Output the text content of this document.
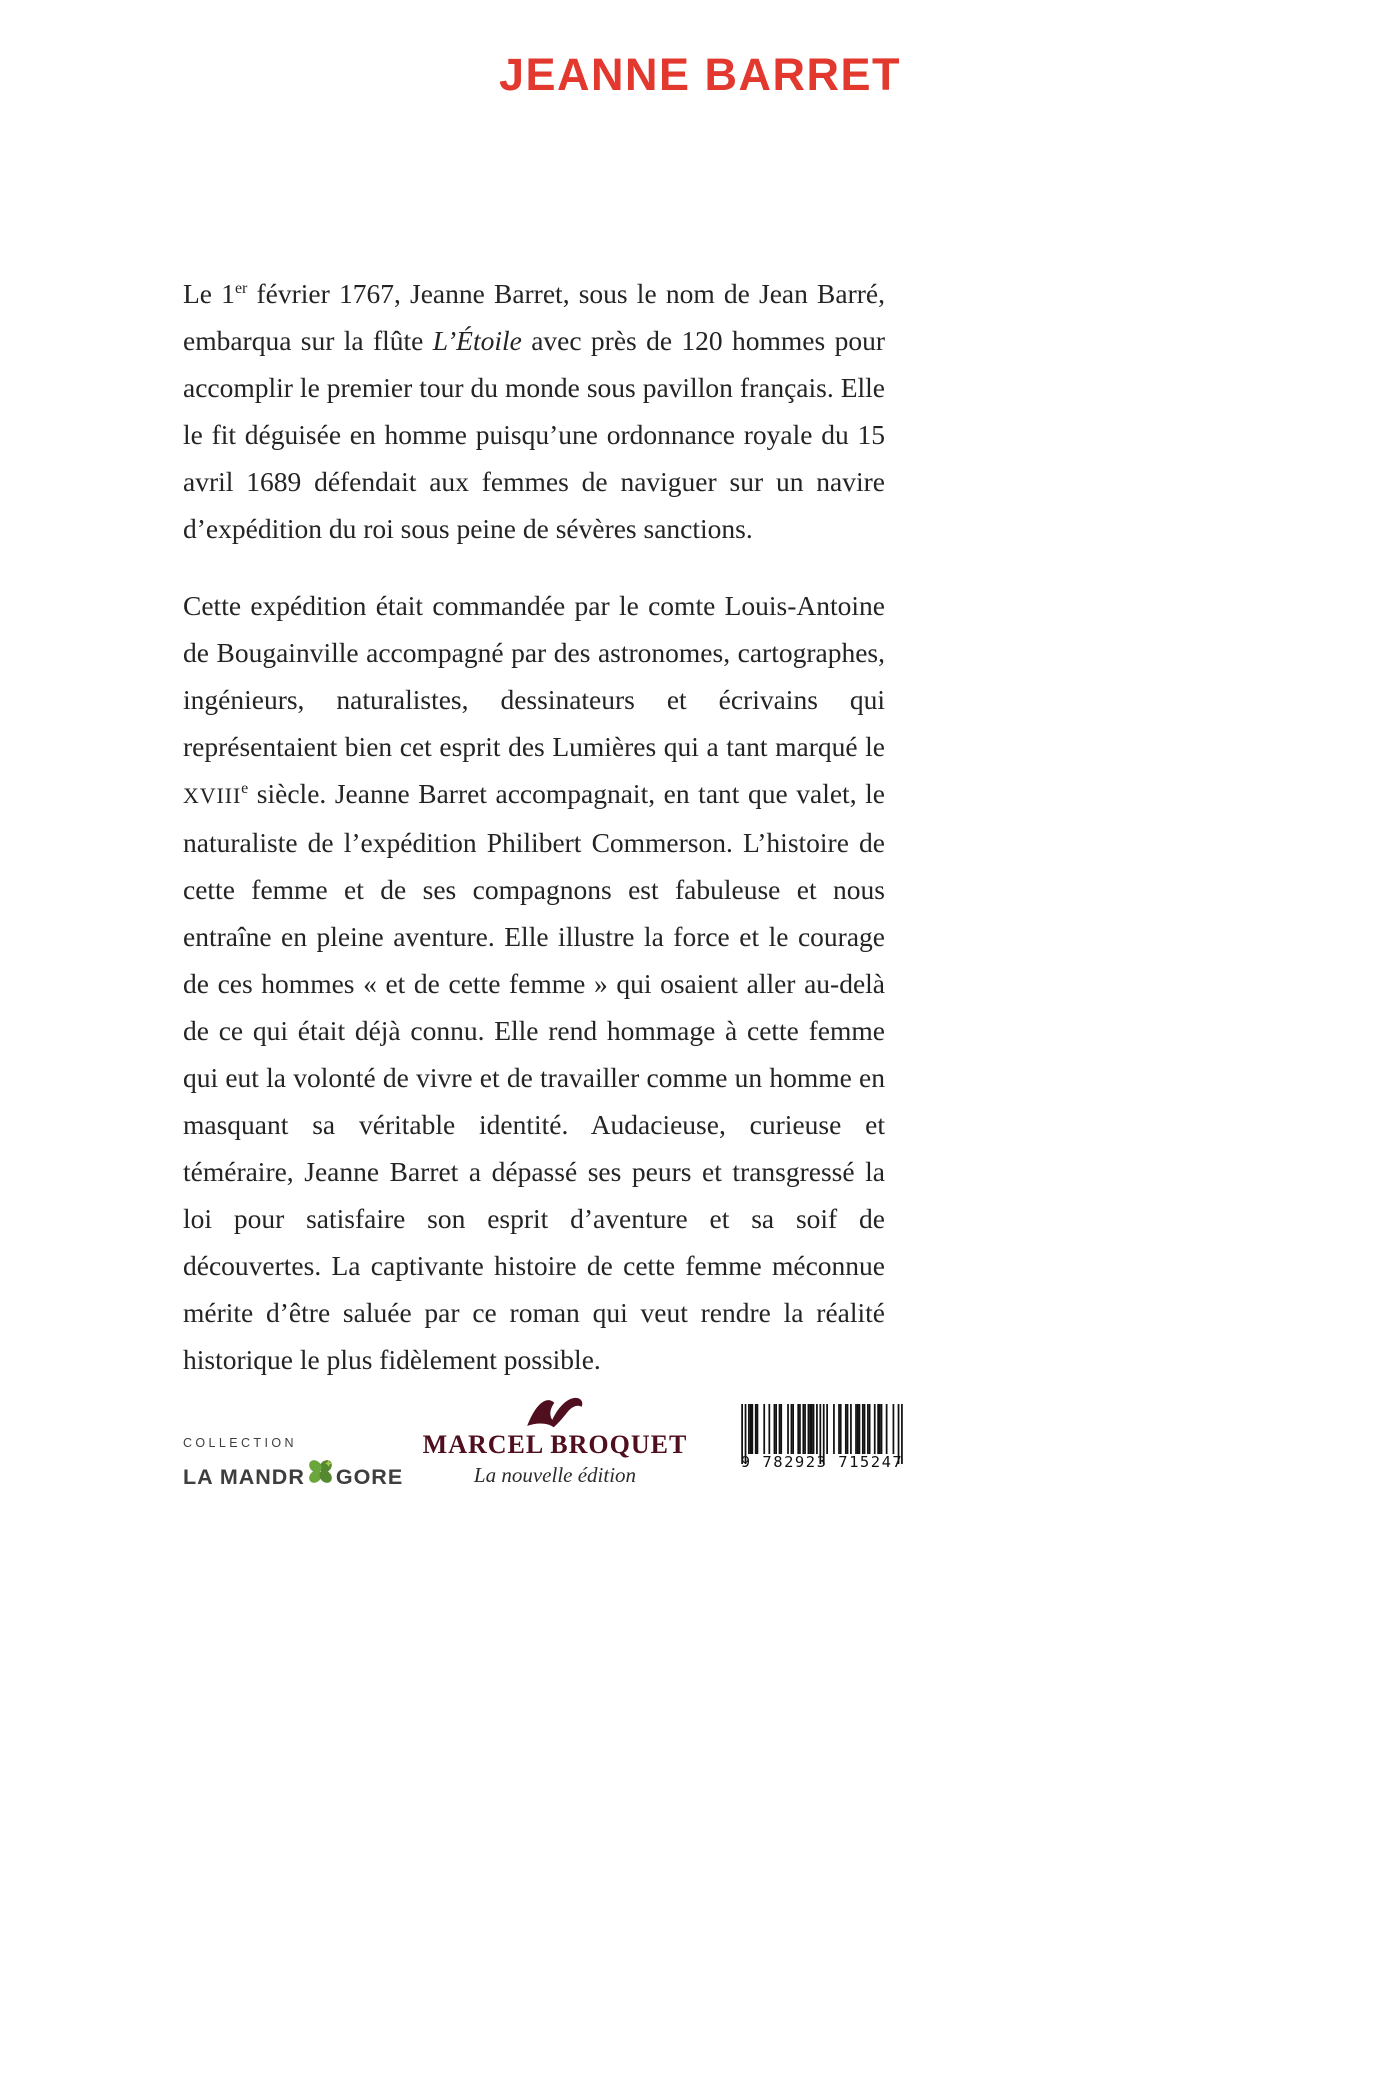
JEANNE BARRET

Le 1er février 1767, Jeanne Barret, sous le nom de Jean Barré, embarqua sur la flûte L’Étoile avec près de 120 hommes pour accomplir le premier tour du monde sous pavillon français. Elle le fit déguisée en homme puisqu’une ordonnance royale du 15 avril 1689 défendait aux femmes de naviguer sur un navire d’expédition du roi sous peine de sévères sanctions.

Cette expédition était commandée par le comte Louis-Antoine de Bougainville accompagné par des astronomes, cartographes, ingénieurs, naturalistes, dessinateurs et écrivains qui représentaient bien cet esprit des Lumières qui a tant marqué le XVIIIe siècle. Jeanne Barret accompagnait, en tant que valet, le naturaliste de l’expédition Philibert Commerson. L’histoire de cette femme et de ses compagnons est fabuleuse et nous entraîne en pleine aventure. Elle illustre la force et le courage de ces hommes « et de cette femme » qui osaient aller au-delà de ce qui était déjà connu. Elle rend hommage à cette femme qui eut la volonté de vivre et de travailler comme un homme en masquant sa véritable identité. Audacieuse, curieuse et téméraire, Jeanne Barret a dépassé ses peurs et transgressé la loi pour satisfaire son esprit d’aventure et sa soif de découvertes. La captivante histoire de cette femme méconnue mérite d’être saluée par ce roman qui veut rendre la réalité historique le plus fidèlement possible.

COLLECTION
LA MANDR GORE
MARCEL BROQUET
La nouvelle édition
9 782923 715247
